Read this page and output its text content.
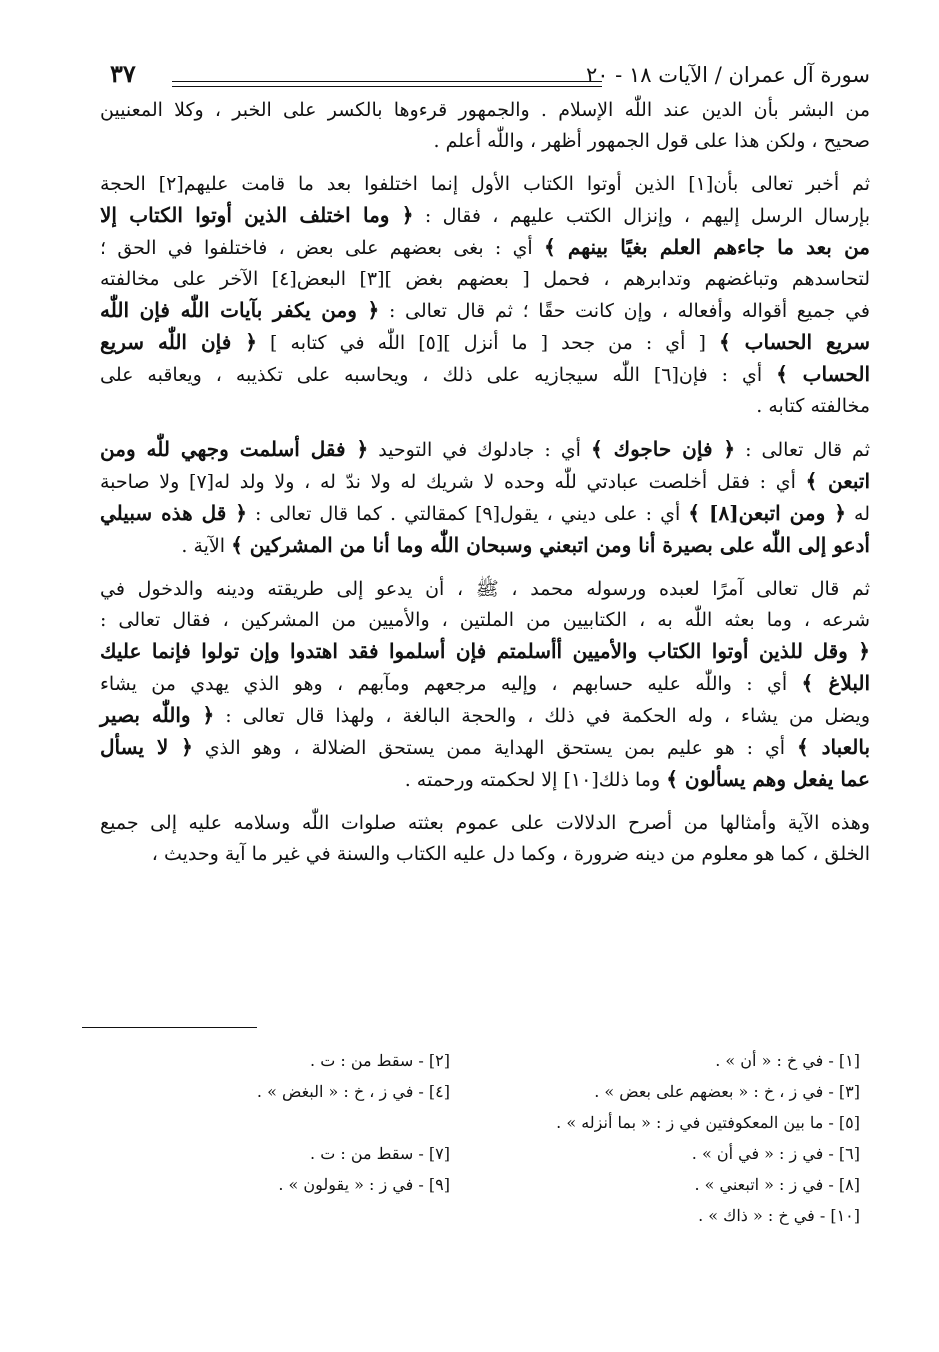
سورة آل عمران / الآيات ١٨ - ٢٠
٣٧
من البشر بأن الدين عند اللّٰه الإسلام . والجمهور قرءوها بالكسر على الخبر ، وكلا المعنيين
صحيح ، ولكن هذا على قول الجمهور أظهر ، واللّٰه أعلم .
ثم أخبر تعالى بأن[١] الذين أوتوا الكتاب الأول إنما اختلفوا بعد ما قامت عليهم[٢] الحجة
بإرسال الرسل إليهم ، وإنزال الكتب عليهم ، فقال : ﴿ وما اختلف الذين أوتوا الكتاب إلا
من بعد ما جاءهم العلم بغيًا بينهم ﴾ أي : بغى بعضهم على بعض ، فاختلفوا في الحق ؛
لتحاسدهم وتباغضهم وتدابرهم ، فحمل [ بعضهم بغض ][٣] البعض[٤] الآخر على مخالفته
في جميع أقواله وأفعاله ، وإن كانت حقًا ؛ ثم قال تعالى : ﴿ ومن يكفر بآيات اللّٰه فإن اللّٰه
سريع الحساب ﴾ [ أي : من جحد [ ما أنزل ][٥] اللّٰه في كتابه ] ﴿ فإن اللّٰه سريع
الحساب ﴾ أي : فإن[٦] اللّٰه سيجازيه على ذلك ، ويحاسبه على تكذيبه ، ويعاقبه على
مخالفته كتابه .
ثم قال تعالى : ﴿ فإن حاجوك ﴾ أي : جادلوك في التوحيد ﴿ فقل أسلمت وجهي للّٰه ومن
اتبعن ﴾ أي : فقل أخلصت عبادتي للّٰه وحده لا شريك له ولا ندّ له ، ولا ولد له[٧] ولا صاحبة
له ﴿ ومن اتبعن[٨] ﴾ أي : على ديني ، يقول[٩] كمقالتي . كما قال تعالى : ﴿ قل هذه سبيلي
أدعو إلى اللّٰه على بصيرة أنا ومن اتبعني وسبحان اللّٰه وما أنا من المشركين ﴾ الآية .
ثم قال تعالى آمرًا لعبده ورسوله محمد ، ﷺ ، أن يدعو إلى طريقته ودينه والدخول في
شرعه ، وما بعثه اللّٰه به ، الكتابيين من الملتين ، والأميين من المشركين ، فقال تعالى :
﴿ وقل للذين أوتوا الكتاب والأميين أأسلمتم فإن أسلموا فقد اهتدوا وإن تولوا فإنما عليك
البلاغ ﴾ أي : واللّٰه عليه حسابهم ، وإليه مرجعهم ومآبهم ، وهو الذي يهدي من يشاء
ويضل من يشاء ، وله الحكمة في ذلك ، والحجة البالغة ، ولهذا قال تعالى : ﴿ واللّٰه بصير
بالعباد ﴾ أي : هو عليم بمن يستحق الهداية ممن يستحق الضلالة ، وهو الذي ﴿ لا يسأل
عما يفعل وهم يسألون ﴾ وما ذلك[١٠] إلا لحكمته ورحمته .
وهذه الآية وأمثالها من أصرح الدلالات على عموم بعثته صلوات اللّٰه وسلامه عليه إلى جميع
الخلق ، كما هو معلوم من دينه ضرورة ، وكما دل عليه الكتاب والسنة في غير ما آية وحديث ،
[١] - في خ : « أن » .
[٣] - في ز ، خ : « بعضهم على بعض » .
[٥] - ما بين المعكوفتين في ز : « بما أنزله » .
[٦] - في ز : « في أن » .
[٨] - في ز : « اتبعني » .
[١٠] - في خ : « ذاك » .
[٢] - سقط من : ت .
[٤] - في ز ، خ : « البغض » .
[٧] - سقط من : ت .
[٩] - في ز : « يقولون » .
